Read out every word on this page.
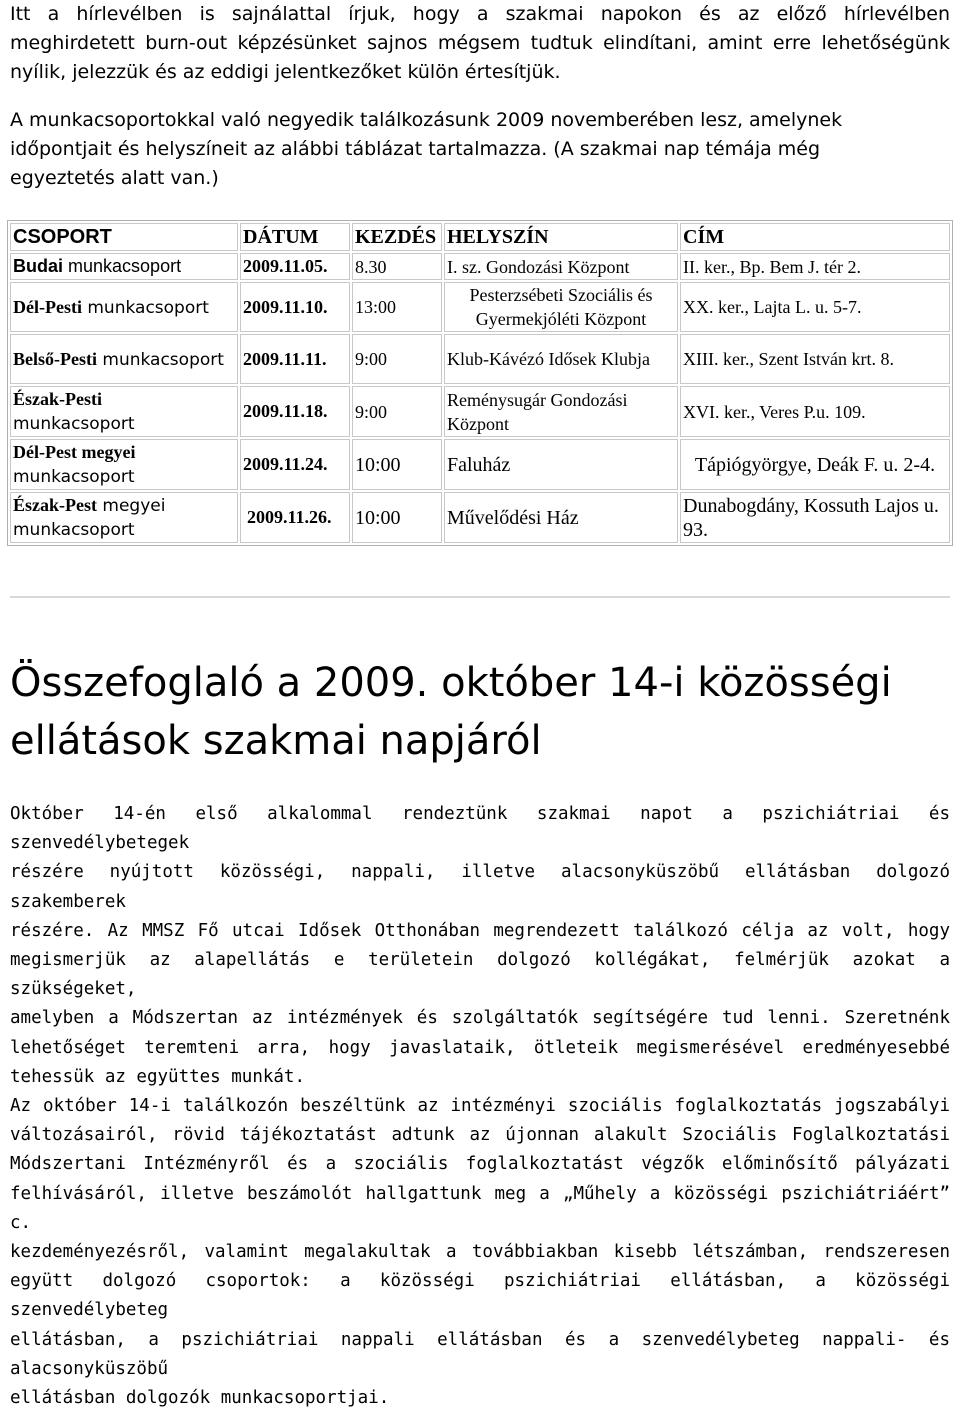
Itt a hírlevélben is sajnálattal írjuk, hogy a szakmai napokon és az előző hírlevélben
meghirdetett burn-out képzésünket sajnos mégsem tudtuk elindítani, amint erre lehetőségünk
nyílik, jelezzük és az eddigi jelentkezőket külön értesítjük.
A munkacsoportokkal való negyedik találkozásunk 2009 novemberében lesz, amelynek
időpontjait és helyszíneit az alábbi táblázat tartalmazza. (A szakmai nap témája még
egyeztetés alatt van.)
CSOPORT	DÁTUM	KEZDÉS	HELYSZÍN	CÍM
Budai munkacsoport	2009.11.05.	8.30	I. sz. Gondozási Központ	II. ker., Bp. Bem J. tér 2.
Dél-Pesti munkacsoport	2009.11.10.	13:00	Pesterzsébeti Szociális és Gyermekjóléti Központ	XX. ker., Lajta L. u. 5-7.
Belső-Pesti munkacsoport	2009.11.11.	9:00	Klub-Kávézó Idősek Klubja	XIII. ker., Szent István krt. 8.
Észak-Pesti
munkacsoport	2009.11.18.	9:00	Reménysugár Gondozási Központ	XVI. ker., Veres P.u. 109.
Dél-Pest megyei
munkacsoport	2009.11.24.	10:00	Faluház	Tápiógyörgye, Deák F. u. 2-4.
Észak-Pest megyei munkacsoport	2009.11.26.	10:00	Művelődési Ház	Dunabogdány, Kossuth Lajos u. 93.
Összefoglaló a 2009. október 14-i közösségi ellátások szakmai napjáról
Október 14-én első alkalommal rendeztünk szakmai napot a pszichiátriai és szenvedélybetegek
részére nyújtott közösségi, nappali, illetve alacsonyküszöbű ellátásban dolgozó szakemberek
részére. Az MMSZ Fő utcai Idősek Otthonában megrendezett találkozó célja az volt, hogy
megismerjük az alapellátás e területein dolgozó kollégákat, felmérjük azokat a szükségeket,
amelyben a Módszertan az intézmények és szolgáltatók segítségére tud lenni. Szeretnénk
lehetőséget teremteni arra, hogy javaslataik, ötleteik megismerésével eredményesebbé
tehessük az együttes munkát.
Az október 14-i találkozón beszéltünk az intézményi szociális foglalkoztatás jogszabályi
változásairól, rövid tájékoztatást adtunk az újonnan alakult Szociális Foglalkoztatási
Módszertani Intézményről és a szociális foglalkoztatást végzők előminősítő pályázati
felhívásáról, illetve beszámolót hallgattunk meg a „Műhely a közösségi pszichiátriáért” c.
kezdeményezésről, valamint megalakultak a továbbiakban kisebb létszámban, rendszeresen
együtt dolgozó csoportok: a közösségi pszichiátriai ellátásban, a közösségi szenvedélybeteg
ellátásban, a pszichiátriai nappali ellátásban és a szenvedélybeteg nappali- és alacsonyküszöbű
ellátásban dolgozók munkacsoportjai.
